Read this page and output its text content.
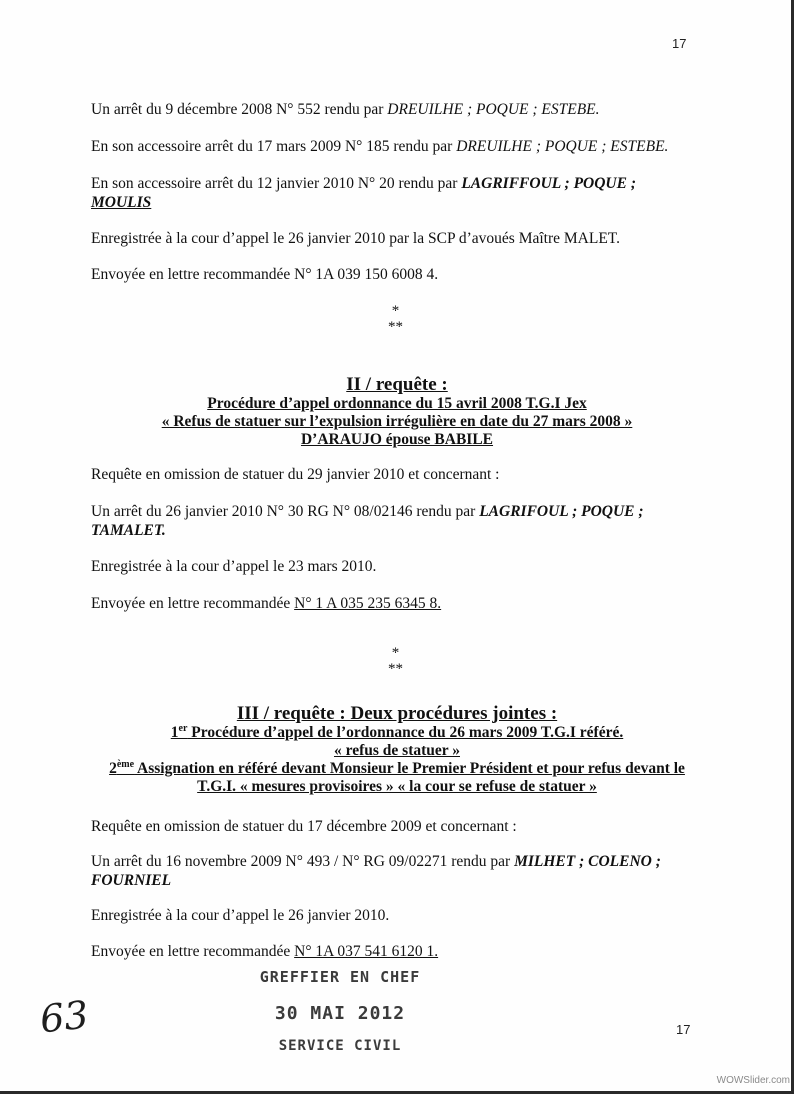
17
Un arrêt du 9 décembre 2008 N° 552 rendu par DREUILHE ; POQUE ; ESTEBE.
En son accessoire arrêt du 17 mars 2009 N° 185 rendu par DREUILHE ; POQUE ; ESTEBE.
En son accessoire arrêt du 12 janvier 2010 N° 20 rendu par LAGRIFFOUL ; POQUE ;
MOULIS
Enregistrée à la cour d’appel le 26 janvier 2010 par la SCP d’avoués Maître MALET.
Envoyée en lettre recommandée N° 1A 039 150 6008 4.
*
**
II / requête :
Procédure d’appel ordonnance du 15 avril 2008 T.G.I Jex
« Refus de statuer sur l’expulsion irrégulière en date du 27 mars 2008 »
D’ARAUJO épouse BABILE
Requête en omission de statuer du 29 janvier 2010 et concernant :
Un arrêt du 26 janvier 2010 N° 30 RG N° 08/02146 rendu par LAGRIFOUL ; POQUE ;
TAMALET.
Enregistrée à la cour d’appel le 23 mars 2010.
Envoyée en lettre recommandée N° 1 A 035 235 6345 8.
*
**
III / requête : Deux procédures jointes :
1er Procédure d’appel de l’ordonnance du 26 mars 2009 T.G.I référé.
« refus de statuer »
2ème Assignation en référé devant Monsieur le Premier Président et pour refus devant le
T.G.I. « mesures provisoires » « la cour se refuse de statuer »
Requête en omission de statuer du 17 décembre 2009 et concernant :
Un arrêt du 16 novembre 2009 N° 493 / N° RG 09/02271 rendu par MILHET ; COLENO ;
FOURNIEL
Enregistrée à la cour d’appel le 26 janvier 2010.
Envoyée en lettre recommandée N° 1A 037 541 6120 1.
GREFFIER EN CHEF
30 MAI 2012
SERVICE CIVIL
63	17
WOWSlider.com
